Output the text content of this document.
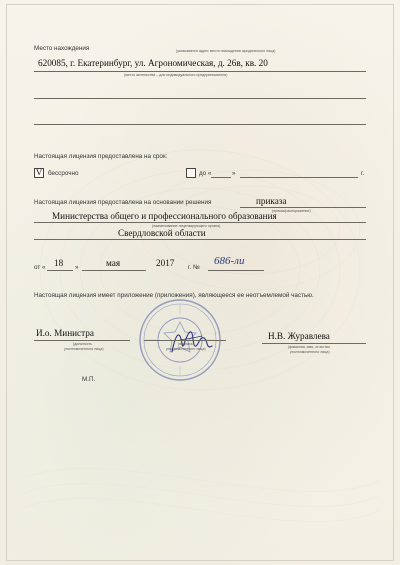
Место нахождения	(указывается адрес места нахождения юридического лица)
620085, г. Екатеринбург, ул. Агрономическая, д. 26в, кв. 20
(место жительства – для индивидуального предпринимателя)
Настоящая лицензия предоставлена на срок:
V бессрочно	до «	»	г.
Настоящая лицензия предоставлена на основании решения	приказа
(приказ/распоряжение)
Министерства общего и профессионального образования
(наименование лицензирующего органа)
Свердловской области
от « 18 »	мая	2017 г. №
686-ли
Настоящая лицензия имеет приложение (приложения), являющееся ее неотъемлемой частью.
И.о. Министра
(должность
уполномоченного лица)
(подпись
уполномоченного лица)
Н.В. Журавлева
(фамилия, имя, отчество
уполномоченного лица)
М.П.
